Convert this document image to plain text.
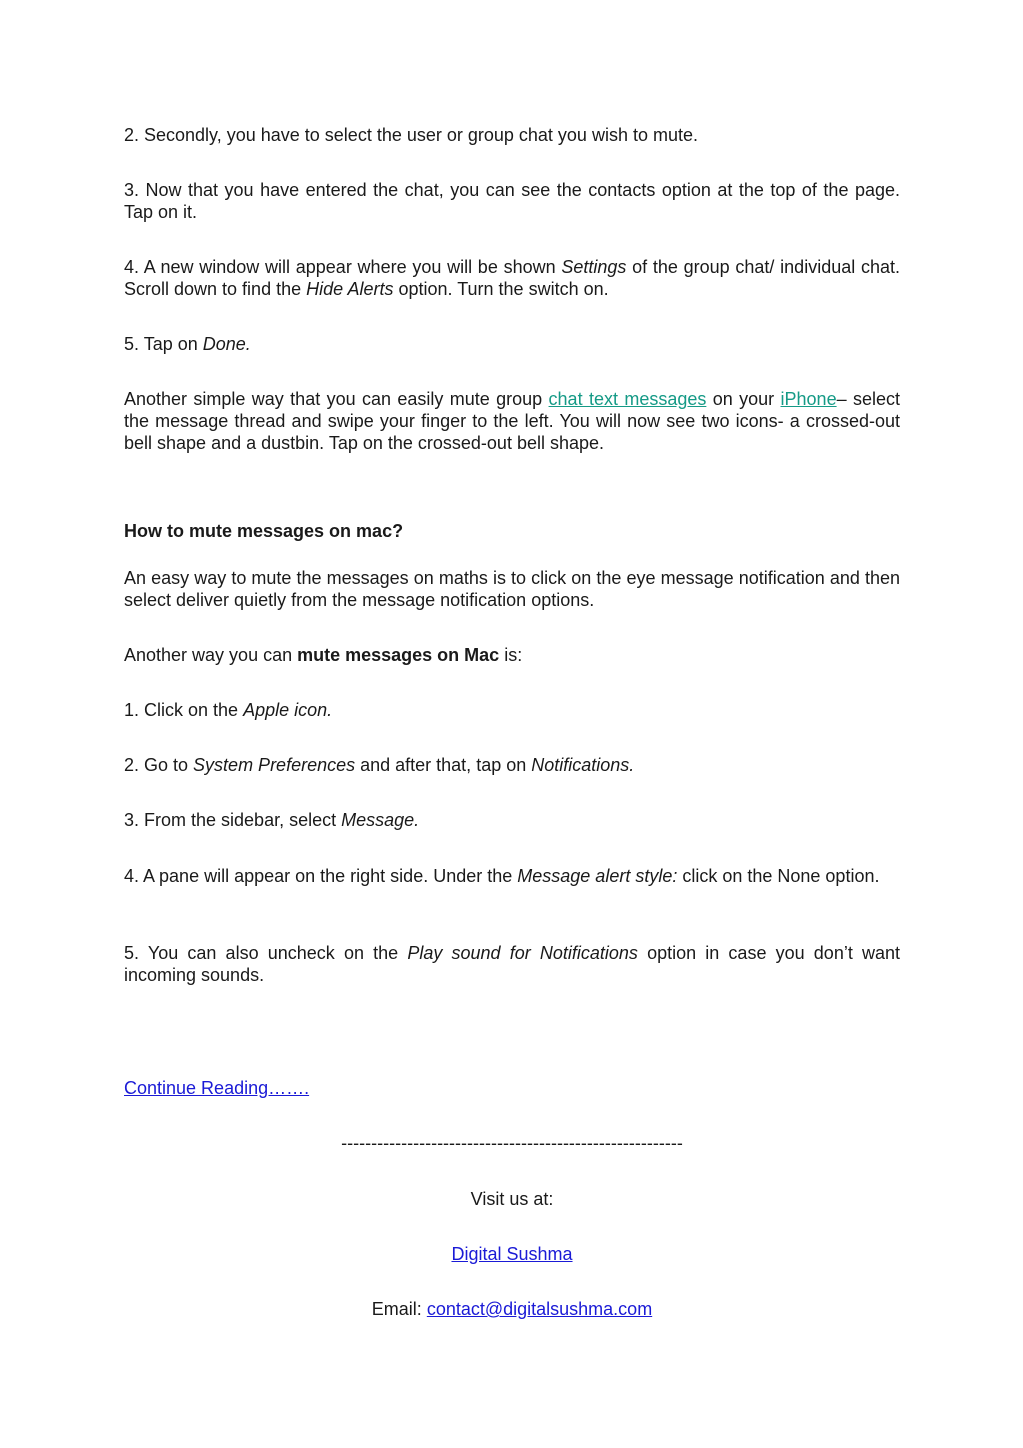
2. Secondly, you have to select the user or group chat you wish to mute.

3. Now that you have entered the chat, you can see the contacts option at the top of the page. Tap on it.

4. A new window will appear where you will be shown Settings of the group chat/ individual chat. Scroll down to find the Hide Alerts option. Turn the switch on.

5. Tap on Done.

Another simple way that you can easily mute group chat text messages on your iPhone– select the message thread and swipe your finger to the left. You will now see two icons- a crossed-out bell shape and a dustbin. Tap on the crossed-out bell shape.

How to mute messages on mac?

An easy way to mute the messages on maths is to click on the eye message notification and then select deliver quietly from the message notification options.

Another way you can mute messages on Mac is:

1. Click on the Apple icon.

2. Go to System Preferences and after that, tap on Notifications.

3. From the sidebar, select Message.

4. A pane will appear on the right side. Under the Message alert style: click on the None option.

5. You can also uncheck on the Play sound for Notifications option in case you don’t want incoming sounds.

Continue Reading…….

---------------------------------------------------------

Visit us at:

Digital Sushma

Email: contact@digitalsushma.com
